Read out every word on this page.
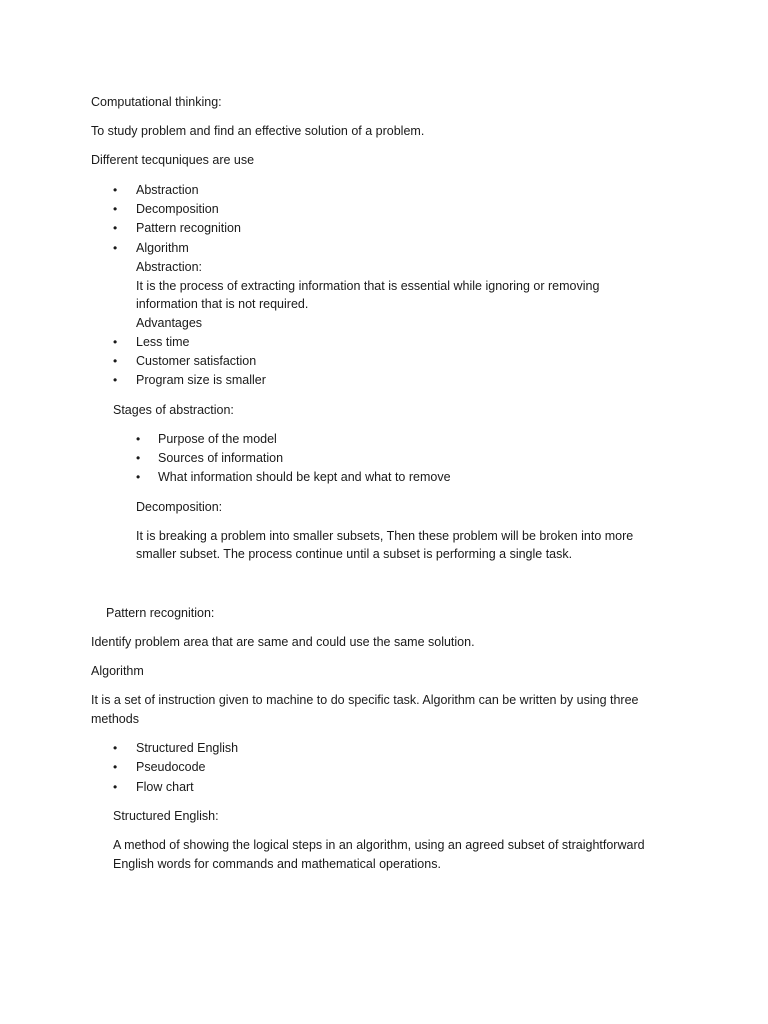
Computational thinking:
To study problem and find an effective solution of a problem.
Different tecquniques are use
• Abstraction
• Decomposition
• Pattern recognition
• Algorithm
Abstraction:
It is the process of extracting information that is essential while ignoring or removing
information that is not required.
Advantages
• Less time
• Customer satisfaction
• Program size is smaller
Stages of abstraction:
• Purpose of the model
• Sources of information
• What information should be kept and what to remove
Decomposition:
It is breaking a problem into smaller subsets, Then these problem will be broken into more
smaller subset. The process continue until a subset is performing a single task.
Pattern recognition:
Identify problem area that are same and could use the same solution.
Algorithm
It is a set of instruction given to machine to do specific task. Algorithm can be written by using three
methods
• Structured English
• Pseudocode
• Flow chart
Structured English:
A method of showing the logical steps in an algorithm, using an agreed subset of straightforward
English words for commands and mathematical operations.
